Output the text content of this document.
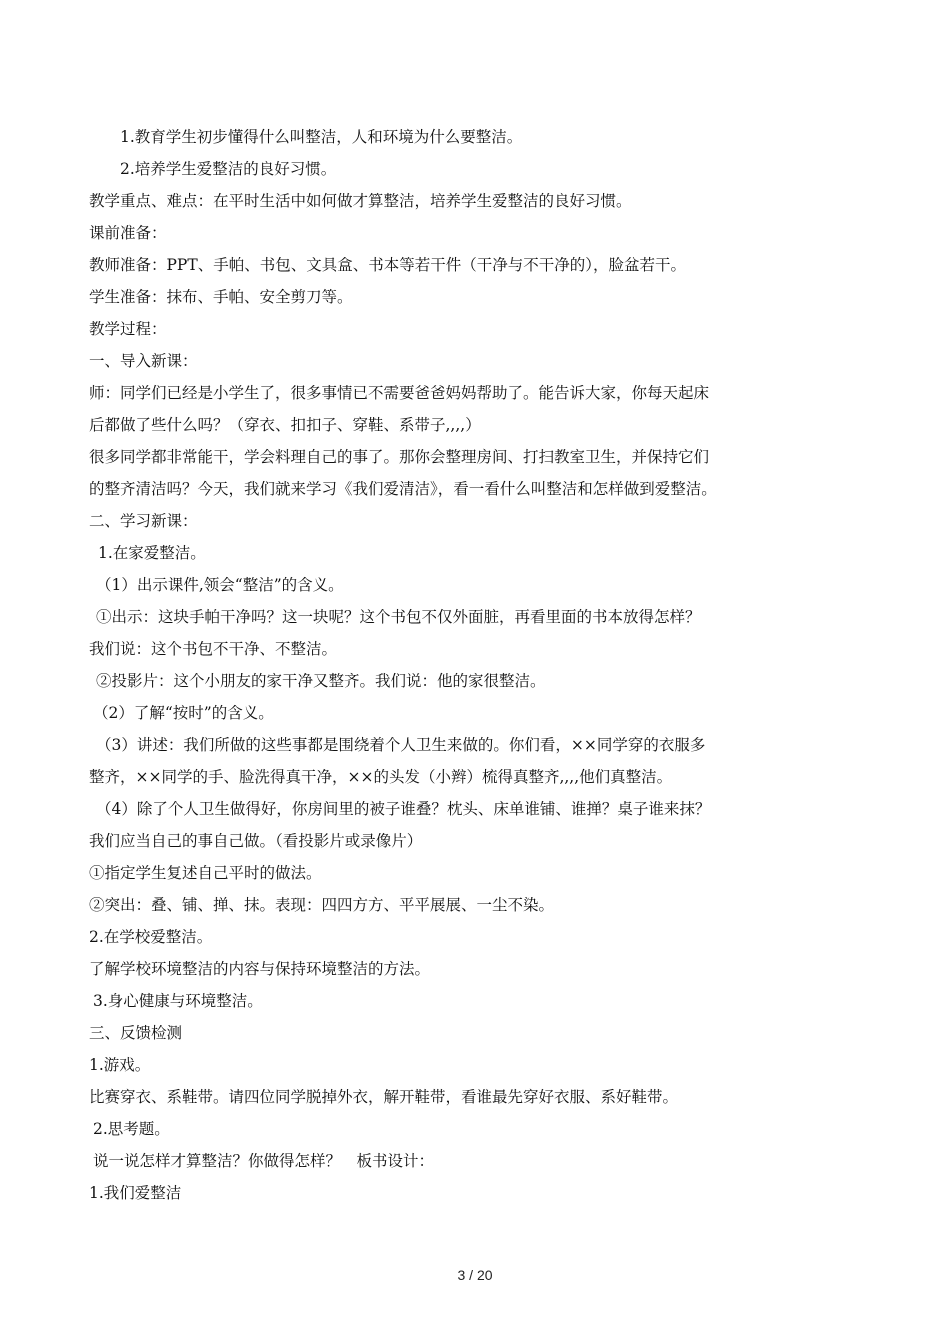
1.教育学生初步懂得什么叫整洁，人和环境为什么要整洁。
2.培养学生爱整洁的良好习惯。
教学重点、难点：在平时生活中如何做才算整洁，培养学生爱整洁的良好习惯。
课前准备：
教师准备：PPT、手帕、书包、文具盒、书本等若干件（干净与不干净的），脸盆若干。
学生准备：抹布、手帕、安全剪刀等。
教学过程：
一、导入新课：
师：同学们已经是小学生了，很多事情已不需要爸爸妈妈帮助了。能告诉大家，你每天起床
后都做了些什么吗？（穿衣、扣扣子、穿鞋、系带子,,,,）
很多同学都非常能干，学会料理自己的事了。那你会整理房间、打扫教室卫生，并保持它们
的整齐清洁吗？今天，我们就来学习《我们爱清洁》，看一看什么叫整洁和怎样做到爱整洁。
二、学习新课：
1.在家爱整洁。
（1）出示课件,领会“整洁”的含义。
①出示：这块手帕干净吗？这一块呢？这个书包不仅外面脏，再看里面的书本放得怎样？
我们说：这个书包不干净、不整洁。
②投影片：这个小朋友的家干净又整齐。我们说：他的家很整洁。
（2）了解“按时”的含义。
（3）讲述：我们所做的这些事都是围绕着个人卫生来做的。你们看，××同学穿的衣服多
整齐，××同学的手、脸洗得真干净，××的头发（小辫）梳得真整齐,,,,他们真整洁。
（4）除了个人卫生做得好，你房间里的被子谁叠？枕头、床单谁铺、谁掸？桌子谁来抹？
我们应当自己的事自己做。（看投影片或录像片）
①指定学生复述自己平时的做法。
②突出：叠、铺、掸、抹。表现：四四方方、平平展展、一尘不染。
2.在学校爱整洁。
了解学校环境整洁的内容与保持环境整洁的方法。
3.身心健康与环境整洁。
三、反馈检测
1.游戏。
比赛穿衣、系鞋带。请四位同学脱掉外衣，解开鞋带，看谁最先穿好衣服、系好鞋带。
2.思考题。
说一说怎样才算整洁？你做得怎样？　板书设计：
1.我们爱整洁
3 / 20
